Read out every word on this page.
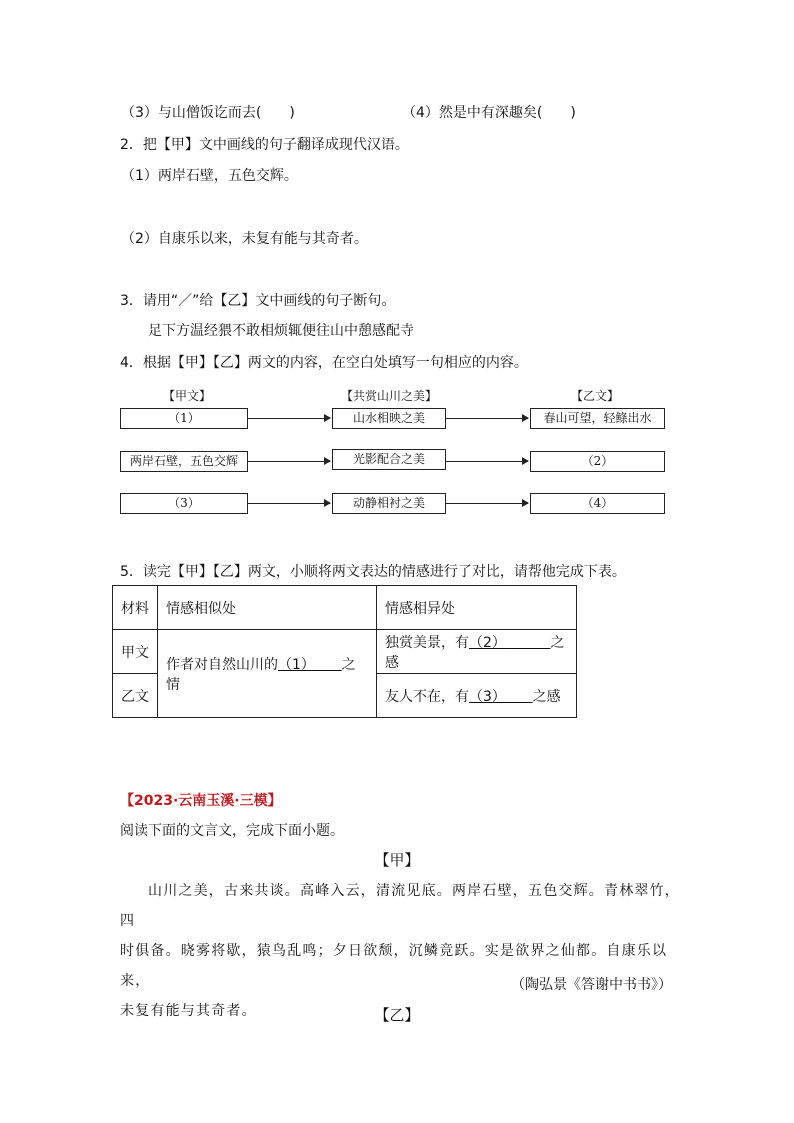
（3）与山僧饭讫而去(　　)	（4）然是中有深趣矣(　　)
2．把【甲】文中画线的句子翻译成现代汉语。
（1）两岸石壁，五色交辉。
（2）自康乐以来，未复有能与其奇者。
3．请用“／”给【乙】文中画线的句子断句。
足下方温经猥不敢相烦辄便往山中憩感配寺
4．根据【甲】【乙】两文的内容，在空白处填写一句相应的内容。
【甲文】	【共赏山川之美】	【乙文】
（1）	山水相映之美	春山可望，轻鲦出水
两岸石壁，五色交辉	光影配合之美	（2）
（3）	动静相衬之美	（4）
5．读完【甲】【乙】两文，小顺将两文表达的情感进行了对比，请帮他完成下表。
材料	情感相似处	情感相异处
甲文	作者对自然山川的（1）    之情	独赏美景，有（2）      之感
乙文		友人不在，有（3）    之感
【2023·云南玉溪·三模】
阅读下面的文言文，完成下面小题。
【甲】
山川之美，古来共谈。高峰入云，清流见底。两岸石壁，五色交辉。青林翠竹，四
时俱备。晓雾将歇，猿鸟乱鸣；夕日欲颓，沉鳞竞跃。实是欲界之仙都。自康乐以来，
未复有能与其奇者。
（陶弘景《答谢中书书》）
【乙】
